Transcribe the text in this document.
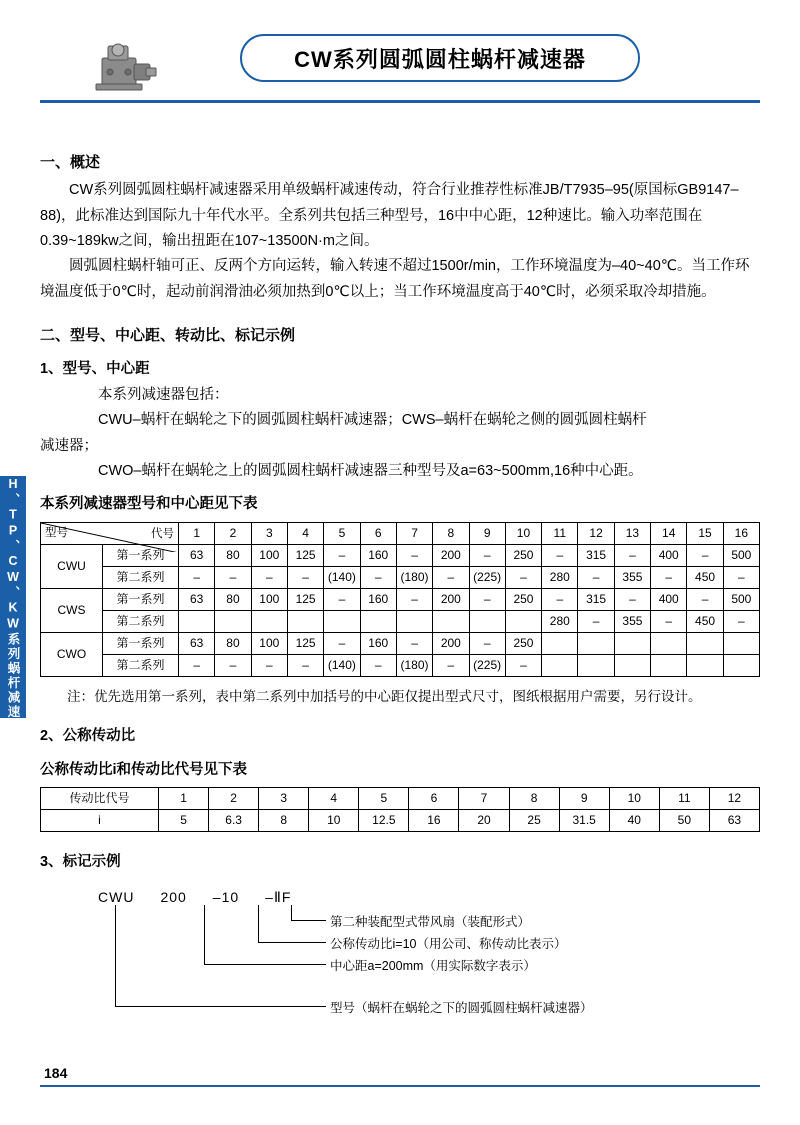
WH、TP、CW、KW系列蜗杆减速机
CW系列圆弧圆柱蜗杆减速器
一、概述

CW系列圆弧圆柱蜗杆减速器采用单级蜗杆减速传动，符合行业推荐性标准JB/T7935–95(原国标GB9147–88)，此标准达到国际九十年代水平。全系列共包括三种型号，16中中心距，12种速比。输入功率范围在0.39~189kw之间，输出扭距在107~13500N·m之间。

圆弧圆柱蜗杆轴可正、反两个方向运转，输入转速不超过1500r/min，工作环境温度为–40~40℃。当工作环境温度低于0℃时，起动前润滑油必须加热到0℃以上；当工作环境温度高于40℃时，必须采取冷却措施。

二、型号、中心距、转动比、标记示例
1、型号、中心距

本系列减速器包括：

CWU–蜗杆在蜗轮之下的圆弧圆柱蜗杆减速器；CWS–蜗杆在蜗轮之侧的圆弧圆柱蜗杆

减速器；

CWO–蜗杆在蜗轮之上的圆弧圆柱蜗杆减速器三种型号及a=63~500mm,16种中心距。

本系列减速器型号和中心距见下表
代号
型号		1	2	3	4	5	6	7	8	9	10	11	12	13	14	15	16
CWU	第一系列	63	80	100	125	–	160	–	200	–	250	–	315	–	400	–	500
	第二系列	–	–	–	–	(140)	–	(180)	–	(225)	–	280	–	355	–	450	–
CWS	第一系列	63	80	100	125	–	160	–	200	–	250	–	315	–	400	–	500
	第二系列											280	–	355	–	450	–
CWO	第一系列	63	80	100	125	–	160	–	200	–	250						
	第二系列	–	–	–	–	(140)	–	(180)	–	(225)	–						

注：优先选用第一系列，表中第二系列中加括号的中心距仅提出型式尺寸，图纸根据用户需要，另行设计。

2、公称传动比
公称传动比i和传动比代号见下表
传动比代号	1	2	3	4	5	6	7	8	9	10	11	12
i	5	6.3	8	10	12.5	16	20	25	31.5	40	50	63
3、标记示例
CWU 200 –10 –ⅡF
第二种装配型式带风扇（装配形式）
公称传动比i=10（用公司、称传动比表示）
中心距a=200mm（用实际数字表示）
型号（蜗杆在蜗轮之下的圆弧圆柱蜗杆减速器）
184
